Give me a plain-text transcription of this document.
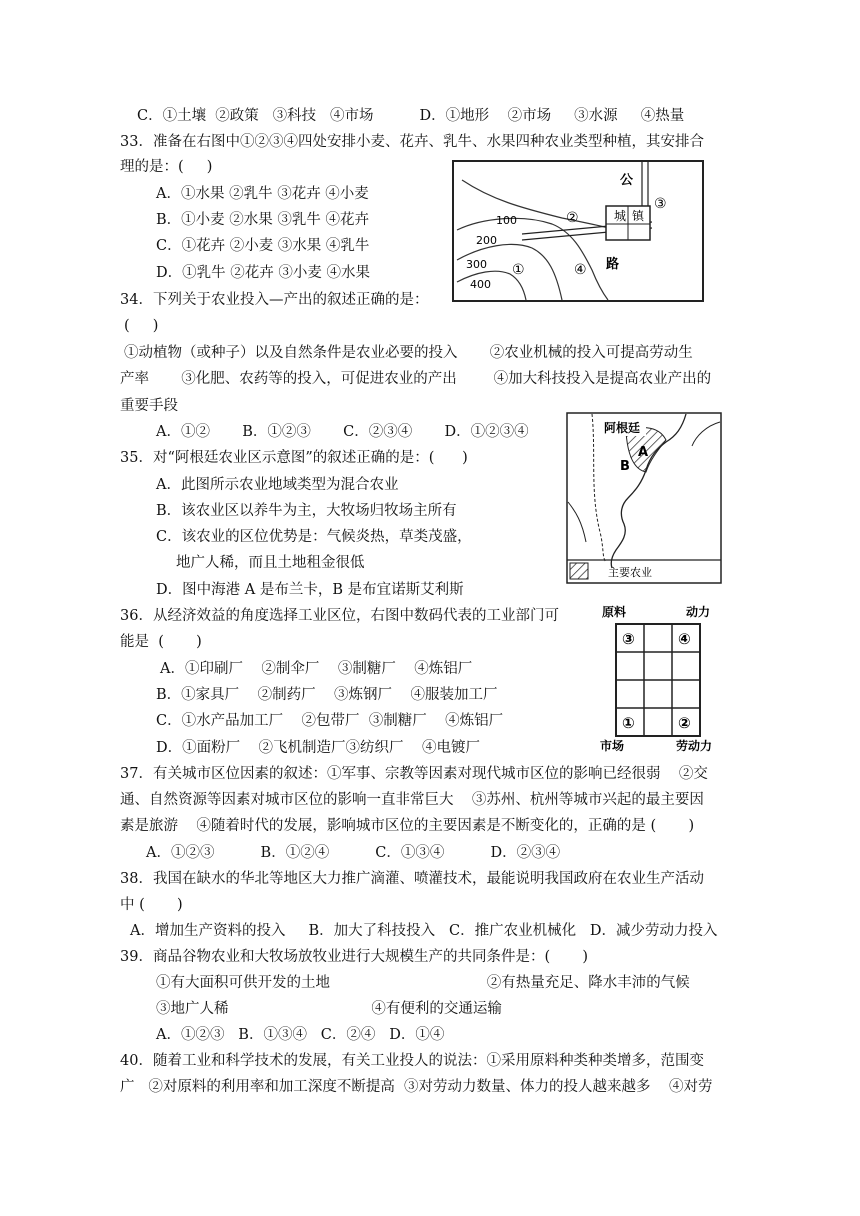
C．①土壤  ②政策   ③科技   ④市场          D．①地形    ②市场     ③水源     ④热量
33．准备在右图中①②③④四处安排小麦、花卉、乳牛、水果四种农业类型种植，其安排合
理的是：(     )
A．①水果 ②乳牛 ③花卉 ④小麦
B．①小麦 ②水果 ③乳牛 ④花卉
C．①花卉 ②小麦 ③水果 ④乳牛
D．①乳牛 ②花卉 ③小麦 ④水果
34．下列关于农业投入—产出的叙述正确的是：
(     )
①动植物（或种子）以及自然条件是农业必要的投入       ②农业机械的投入可提高劳动生
产率       ③化肥、农药等的投入，可促进农业的产出        ④加大科技投入是提高农业产出的
重要手段
A．①②       B．①②③       C．②③④       D．①②③④
35．对“阿根廷农业区示意图”的叙述正确的是：(      )
A．此图所示农业地域类型为混合农业
B．该农业区以养牛为主，大牧场归牧场主所有
C．该农业的区位优势是：气候炎热，草类茂盛，
地广人稀，而且土地租金很低
D．图中海港 A 是布兰卡，B 是布宜诺斯艾利斯
36．从经济效益的角度选择工业区位，右图中数码代表的工业部门可
能是  (       )
A．①印刷厂    ②制伞厂    ③制糖厂    ④炼铝厂
B．①家具厂    ②制药厂    ③炼钢厂    ④服装加工厂
C．①水产品加工厂    ②包带厂  ③制糖厂    ④炼铝厂
D．①面粉厂    ②飞机制造厂③纺织厂    ④电镀厂
37．有关城市区位因素的叙述：①军事、宗教等因素对现代城市区位的影响已经很弱    ②交
通、自然资源等因素对城市区位的影响一直非常巨大    ③苏州、杭州等城市兴起的最主要因
素是旅游    ④随着时代的发展，影响城市区位的主要因素是不断变化的，正确的是 (       )
A．①②③          B．①②④          C．①③④          D．②③④
38．我国在缺水的华北等地区大力推广滴灌、喷灌技术，最能说明我国政府在农业生产活动
中 (       )
A．增加生产资料的投入     B．加大了科技投入   C．推广农业机械化   D．减少劳动力投入
39．商品谷物农业和大牧场放牧业进行大规模生产的共同条件是：(       )
①有大面积可供开发的土地                                  ②有热量充足、降水丰沛的气候
③地广人稀                               ④有便利的交通运输
A．①②③   B．①③④   C．②④   D．①④
40．随着工业和科学技术的发展，有关工业投人的说法：①采用原料种类种类增多，范围变
广   ②对原料的利用率和加工深度不断提高  ③对劳动力数量、体力的投人越来越多    ④对劳
城 镇
公
路
100
200
300
400
①
②
③
④
阿根廷
A
B
主要农业
原料	动力
③	④
①	②
市场	劳动力
